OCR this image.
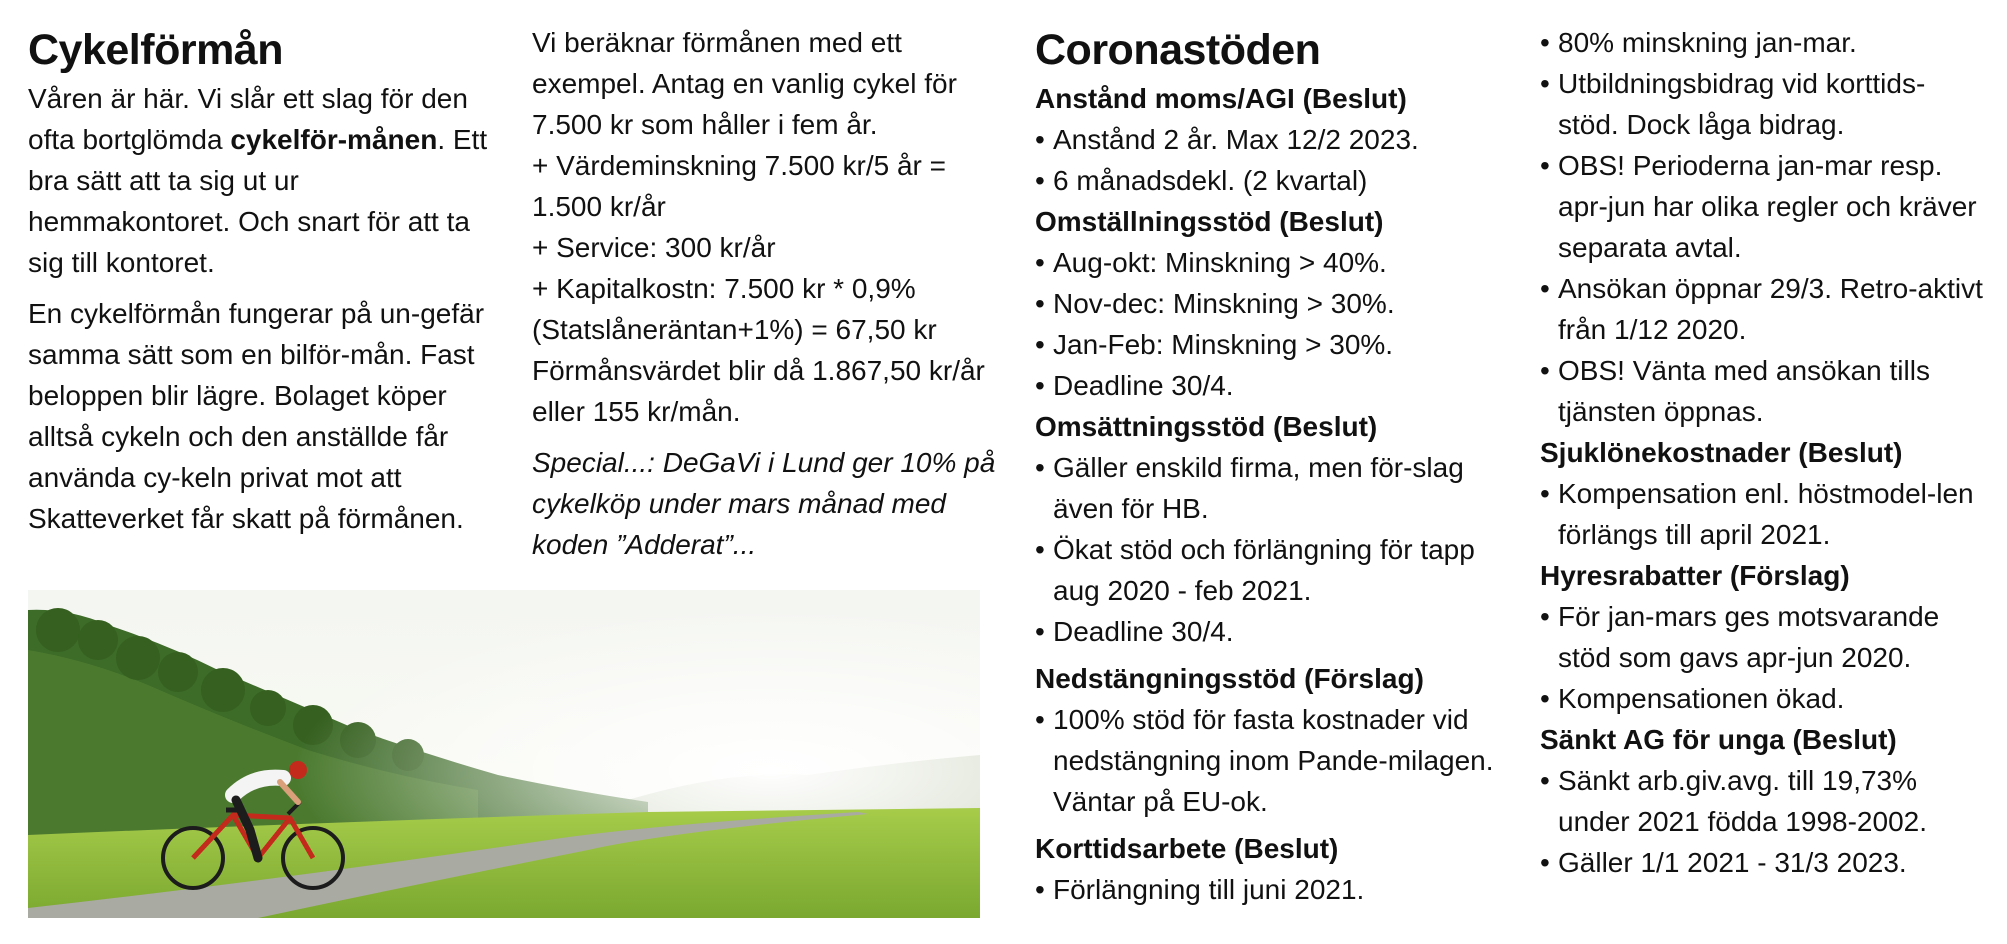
Cykelförmån

Våren är här. Vi slår ett slag för den ofta bortglömda cykelför-månen. Ett bra sätt att ta sig ut ur hemmakontoret. Och snart för att ta sig till kontoret.

En cykelförmån fungerar på un-gefär samma sätt som en bilför-mån. Fast beloppen blir lägre. Bolaget köper alltså cykeln och den anställde får använda cy-keln privat mot att Skatteverket får skatt på förmånen.

Vi beräknar förmånen med ett exempel. Antag en vanlig cykel för 7.500 kr som håller i fem år.

+ Värdeminskning 7.500 kr/5 år = 1.500 kr/år

+ Service: 300 kr/år

+ Kapitalkostn: 7.500 kr * 0,9% (Statslåneräntan+1%) = 67,50 kr

Förmånsvärdet blir då 1.867,50 kr/år eller 155 kr/mån.

Special...: DeGaVi i Lund ger 10% på cykelköp under mars månad med koden ”Adderat”...

Coronastöden
Anstånd moms/AGI (Beslut)
• Anstånd 2 år. Max 12/2 2023.
• 6 månadsdekl. (2 kvartal)
Omställningsstöd (Beslut)
• Aug-okt: Minskning > 40%.
• Nov-dec: Minskning > 30%.
• Jan-Feb: Minskning > 30%.
• Deadline 30/4.
Omsättningsstöd (Beslut)
• Gäller enskild firma, men för-slag även för HB.
• Ökat stöd och förlängning för tapp aug 2020 - feb 2021.
• Deadline 30/4.
Nedstängningsstöd (Förslag)
• 100% stöd för fasta kostnader vid nedstängning inom Pande-milagen. Väntar på EU-ok.
Korttidsarbete (Beslut)
• Förlängning till juni 2021.
• 80% minskning jan-mar.
• Utbildningsbidrag vid korttids-stöd. Dock låga bidrag.
• OBS! Perioderna jan-mar resp. apr-jun har olika regler och kräver separata avtal.
• Ansökan öppnar 29/3. Retro-aktivt från 1/12 2020.
• OBS! Vänta med ansökan tills tjänsten öppnas.
Sjuklönekostnader (Beslut)
• Kompensation enl. höstmodel-len förlängs till april 2021.
Hyresrabatter (Förslag)
• För jan-mars ges motsvarande stöd som gavs apr-jun 2020.
• Kompensationen ökad.
Sänkt AG för unga (Beslut)
• Sänkt arb.giv.avg. till 19,73% under 2021 födda 1998-2002.
• Gäller 1/1 2021 - 31/3 2023.
